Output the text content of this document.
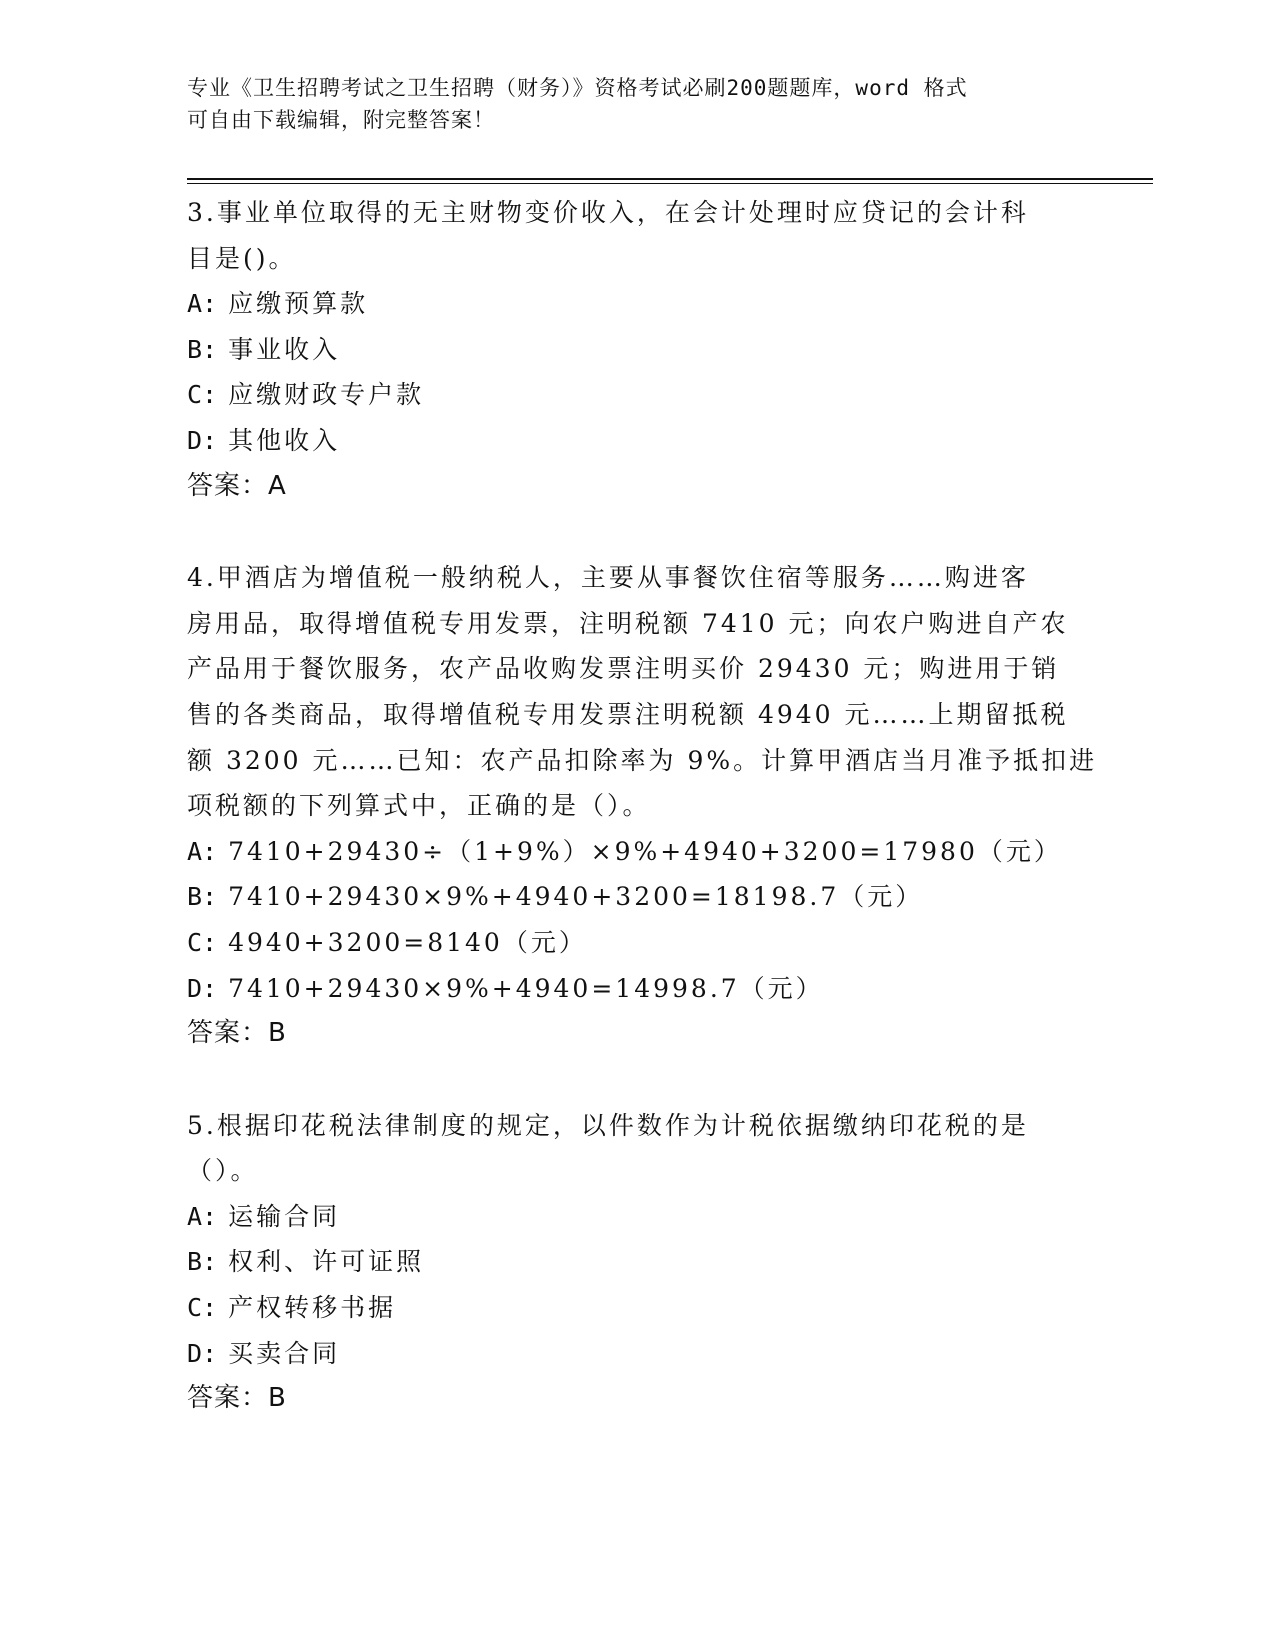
专业《卫生招聘考试之卫生招聘（财务）》资格考试必刷200题题库，word 格式
可自由下载编辑，附完整答案！
3.事业单位取得的无主财物变价收入，在会计处理时应贷记的会计科
目是()。
A: 应缴预算款
B: 事业收入
C: 应缴财政专户款
D: 其他收入
答案：A
4.甲酒店为增值税一般纳税人，主要从事餐饮住宿等服务……购进客
房用品，取得增值税专用发票，注明税额 7410 元；向农户购进自产农
产品用于餐饮服务，农产品收购发票注明买价 29430 元；购进用于销
售的各类商品，取得增值税专用发票注明税额 4940 元……上期留抵税
额 3200 元……已知：农产品扣除率为 9%。计算甲酒店当月准予抵扣进
项税额的下列算式中，正确的是（）。
A: 7410+29430÷（1+9%）×9%+4940+3200=17980（元）
B: 7410+29430×9%+4940+3200=18198.7（元）
C: 4940+3200=8140（元）
D: 7410+29430×9%+4940=14998.7（元）
答案：B
5.根据印花税法律制度的规定，以件数作为计税依据缴纳印花税的是
（）。
A: 运输合同
B: 权利、许可证照
C: 产权转移书据
D: 买卖合同
答案：B
